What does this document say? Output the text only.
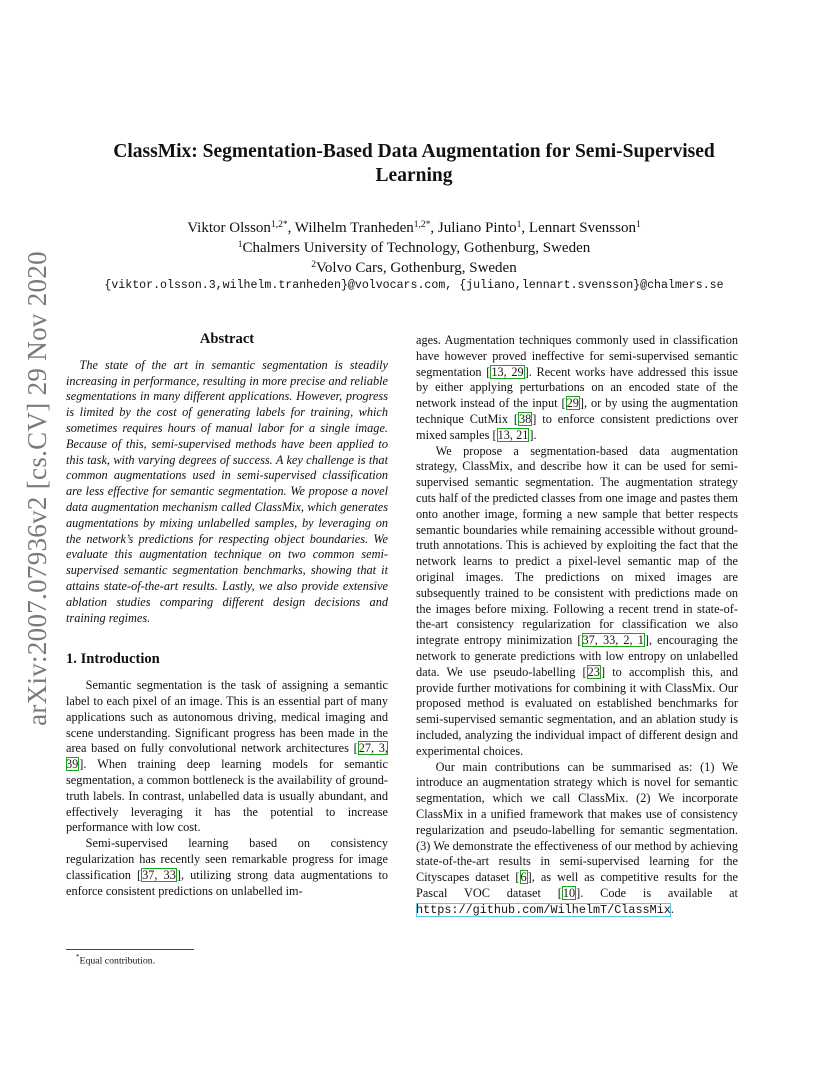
arXiv:2007.07936v2 [cs.CV] 29 Nov 2020
ClassMix: Segmentation-Based Data Augmentation for Semi-Supervised
Learning
Viktor Olsson$^{1,2*}$, Wilhelm Tranheden$^{1,2*}$, Juliano Pinto$^1$, Lennart Svensson$^1$
$^1$Chalmers University of Technology, Gothenburg, Sweden
$^2$Volvo Cars, Gothenburg, Sweden
{viktor.olsson.3,wilhelm.tranheden}@volvocars.com, {juliano,lennart.svensson}@chalmers.se
Abstract

The state of the art in semantic segmentation is steadily increasing in performance, resulting in more precise and reliable segmentations in many different applications. However, progress is limited by the cost of generating labels for training, which sometimes requires hours of manual labor for a single image. Because of this, semi-supervised methods have been applied to this task, with varying degrees of success. A key challenge is that common augmentations used in semi-supervised classification are less effective for semantic segmentation. We propose a novel data augmentation mechanism called ClassMix, which generates augmentations by mixing unlabelled samples, by leveraging on the network’s predictions for respecting object boundaries. We evaluate this augmentation technique on two common semi-supervised semantic segmentation benchmarks, showing that it attains state-of-the-art results. Lastly, we also provide extensive ablation studies comparing different design decisions and training regimes.

1. Introduction

Semantic segmentation is the task of assigning a semantic label to each pixel of an image. This is an essential part of many applications such as autonomous driving, medical imaging and scene understanding. Significant progress has been made in the area based on fully convolutional network architectures [27, 3, 39]. When training deep learning models for semantic segmentation, a common bottleneck is the availability of ground-truth labels. In contrast, unlabelled data is usually abundant, and effectively leveraging it has the potential to increase performance with low cost.

Semi-supervised learning based on consistency regularization has recently seen remarkable progress for image classification [37, 33], utilizing strong data augmentations to enforce consistent predictions on unlabelled im-

ages. Augmentation techniques commonly used in classification have however proved ineffective for semi-supervised semantic segmentation [13, 29]. Recent works have addressed this issue by either applying perturbations on an encoded state of the network instead of the input [29], or by using the augmentation technique CutMix [38] to enforce consistent predictions over mixed samples [13, 21].

We propose a segmentation-based data augmentation strategy, ClassMix, and describe how it can be used for semi-supervised semantic segmentation. The augmentation strategy cuts half of the predicted classes from one image and pastes them onto another image, forming a new sample that better respects semantic boundaries while remaining accessible without ground-truth annotations. This is achieved by exploiting the fact that the network learns to predict a pixel-level semantic map of the original images. The predictions on mixed images are subsequently trained to be consistent with predictions made on the images before mixing. Following a recent trend in state-of-the-art consistency regularization for classification we also integrate entropy minimization [37, 33, 2, 1], encouraging the network to generate predictions with low entropy on unlabelled data. We use pseudo-labelling [23] to accomplish this, and provide further motivations for combining it with ClassMix. Our proposed method is evaluated on established benchmarks for semi-supervised semantic segmentation, and an ablation study is included, analyzing the individual impact of different design and experimental choices.

Our main contributions can be summarised as: (1) We introduce an augmentation strategy which is novel for semantic segmentation, which we call ClassMix. (2) We incorporate ClassMix in a unified framework that makes use of consistency regularization and pseudo-labelling for semantic segmentation. (3) We demonstrate the effectiveness of our method by achieving state-of-the-art results in semi-supervised learning for the Cityscapes dataset [6], as well as competitive results for the Pascal VOC dataset [10]. Code is available at https://github.com/WilhelmT/ClassMix.

*Equal contribution.
